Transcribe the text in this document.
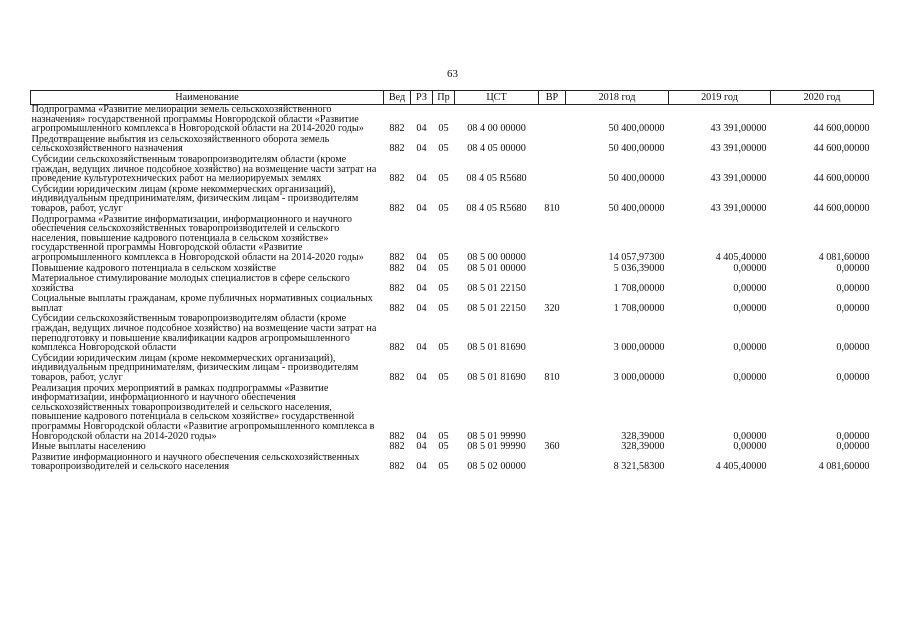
63
Наименование	Вед	РЗ	Пр	ЦСТ	ВР	2018 год	2019 год	2020 год
Подпрограмма «Развитие мелиорации земель сельскохозяйственного назначения» государственной программы Новгородской области «Развитие агропромышленного комплекса в Новгородской области на 2014-2020 годы»	882	04	05	08 4 00 00000		50 400,00000	43 391,00000	44 600,00000
Предотвращение выбытия из сельскохозяйственного оборота земель сельскохозяйственного назначения	882	04	05	08 4 05 00000		50 400,00000	43 391,00000	44 600,00000
Субсидии сельскохозяйственным товаропроизводителям области (кроме граждан, ведущих личное подсобное хозяйство) на возмещение части затрат на проведение культуротехнических работ на мелиорируемых землях	882	04	05	08 4 05 R5680		50 400,00000	43 391,00000	44 600,00000
Субсидии юридическим лицам (кроме некоммерческих организаций), индивидуальным предпринимателям, физическим лицам - производителям товаров, работ, услуг	882	04	05	08 4 05 R5680	810	50 400,00000	43 391,00000	44 600,00000
Подпрограмма «Развитие информатизации, информационного и научного обеспечения сельскохозяйственных товаропроизводителей и сельского населения, повышение кадрового потенциала в сельском хозяйстве» государственной программы Новгородской области «Развитие агропромышленного комплекса в Новгородской области на 2014-2020 годы»	882	04	05	08 5 00 00000		14 057,97300	4 405,40000	4 081,60000
Повышение кадрового потенциала в сельском хозяйстве	882	04	05	08 5 01 00000		5 036,39000	0,00000	0,00000
Материальное стимулирование молодых специалистов в сфере сельского хозяйства	882	04	05	08 5 01 22150		1 708,00000	0,00000	0,00000
Социальные выплаты гражданам, кроме публичных нормативных социальных выплат	882	04	05	08 5 01 22150	320	1 708,00000	0,00000	0,00000
Субсидии сельскохозяйственным товаропроизводителям области (кроме граждан, ведущих личное подсобное хозяйство) на возмещение части затрат на переподготовку и повышение квалификации кадров агропромышленного комплекса Новгородской области	882	04	05	08 5 01 81690		3 000,00000	0,00000	0,00000
Субсидии юридическим лицам (кроме некоммерческих организаций), индивидуальным предпринимателям, физическим лицам - производителям товаров, работ, услуг	882	04	05	08 5 01 81690	810	3 000,00000	0,00000	0,00000
Реализация прочих мероприятий в рамках подпрограммы «Развитие информатизации, информационного и научного обеспечения сельскохозяйственных товаропроизводителей и сельского населения, повышение кадрового потенциала в сельском хозяйстве» государственной программы Новгородской области «Развитие агропромышленного комплекса в Новгородской области на 2014-2020 годы»	882	04	05	08 5 01 99990		328,39000	0,00000	0,00000
Иные выплаты населению	882	04	05	08 5 01 99990	360	328,39000	0,00000	0,00000
Развитие информационного и научного обеспечения сельскохозяйственных товаропроизводителей и сельского населения	882	04	05	08 5 02 00000		8 321,58300	4 405,40000	4 081,60000
